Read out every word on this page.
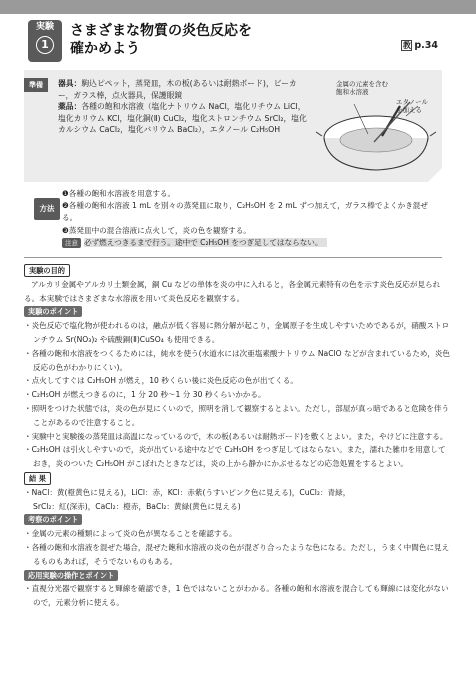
実験
1
さまざまな物質の炎色反応を
確かめよう	教 p.34
準備	器具：駒込ピペット，蒸発皿，木の板(あるいは耐熱ボード)，ビーカー，ガラス棒，点火器具，保護眼鏡
薬品：各種の飽和水溶液（塩化ナトリウム NaCl，塩化リチウム LiCl，塩化カリウム KCl，塩化銅(Ⅱ) CuCl₂，塩化ストロンチウム SrCl₂，塩化カルシウム CaCl₂，塩化バリウム BaCl₂），エタノール C₂H₅OH
金属の元素を含む
飽和水溶液
エタノール
を加える
方法
❶各種の飽和水溶液を用意する。
❷各種の飽和水溶液 1 mL を別々の蒸発皿に取り，C₂H₅OH を 2 mL ずつ加えて，ガラス棒でよくかき混ぜる。
❸蒸発皿中の混合溶液に点火して，炎の色を観察する。
注意 必ず燃えつきるまで行う。途中で C₂H₅OH をつぎ足してはならない。
実験の目的

アルカリ金属やアルカリ土類金属，銅 Cu などの単体を炎の中に入れると，各金属元素特有の色を示す炎色反応が見られる。本実験ではさまざまな水溶液を用いて炎色反応を観察する。

実験のポイント
・ 炎色反応で塩化物が使われるのは，融点が低く容易に熱分解が起こり，金属原子を生成しやすいためであるが，硝酸ストロンチウム Sr(NO₃)₂ や硫酸銅(Ⅱ)CuSO₄ も使用できる。
・ 各種の飽和水溶液をつくるためには，純水を使う(水道水には次亜塩素酸ナトリウム NaClO などが含まれているため，炎色反応の色がわかりにくい)。
・ 点火してすぐは C₂H₅OH が燃え，10 秒くらい後に炎色反応の色が出てくる。
・ C₂H₅OH が燃えつきるのに，1 分 20 秒〜1 分 30 秒くらいかかる。
・ 照明をつけた状態では，炎の色が見にくいので，照明を消して観察するとよい。ただし，部屋が真っ暗であると危険を伴うことがあるので注意すること。
・ 実験中と実験後の蒸発皿は高温になっているので，木の板(あるいは耐熱ボード)を敷くとよい。また，やけどに注意する。
・ C₂H₅OH は引火しやすいので，炎が出ている途中などで C₂H₅OH をつぎ足してはならない。また，濡れた雑巾を用意しておき，炎のついた C₂H₅OH がこぼれたときなどは，炎の上から静かにかぶせるなどの応急処置をするとよい。
結 果
・ NaCl：黄(橙黄色に見える)，LiCl：赤，KCl：赤紫(うすいピンク色に見える)，CuCl₂：青緑，
SrCl₂：紅(深赤)，CaCl₂：橙赤，BaCl₂：黄緑(黄色に見える)
考察のポイント
・ 金属の元素の種類によって炎の色が異なることを確認する。
・ 各種の飽和水溶液を混ぜた場合，混ぜた飽和水溶液の炎の色が混ざり合ったような色になる。ただし，うまく中間色に見えるものもあれば，そうでないものもある。
応用実験の操作とポイント
・ 直視分光器で観察すると輝線を確認でき，1 色ではないことがわかる。各種の飽和水溶液を混合しても輝線には変化がないので，元素分析に使える。
